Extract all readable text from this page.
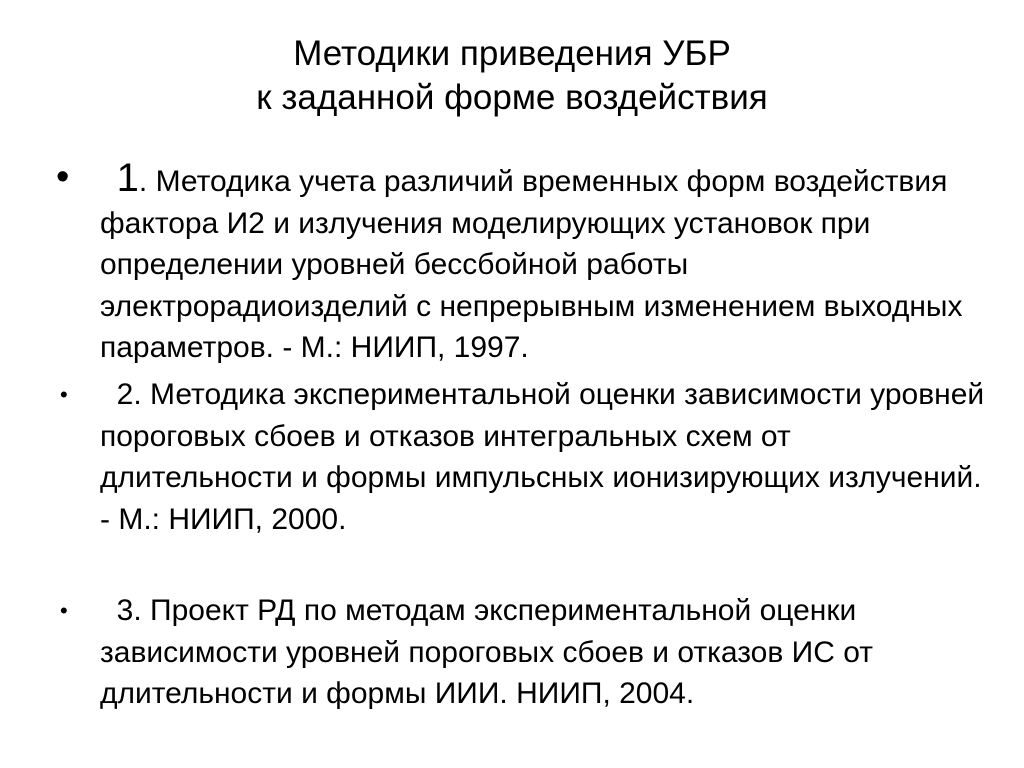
Методики приведения УБР
к заданной форме воздействия
• 1. Методика учета различий временных форм воздействия фактора И2 и излучения моделирующих установок при определении уровней бессбойной работы электрорадиоизделий с непрерывным изменением выходных параметров. - М.: НИИП, 1997.
• 2. Методика экспериментальной оценки зависимости уровней пороговых сбоев и отказов интегральных схем от длительности и формы импульсных ионизирующих излучений. - М.: НИИП, 2000.
• 3. Проект РД по методам экспериментальной оценки зависимости уровней пороговых сбоев и отказов ИС от длительности и формы ИИИ. НИИП, 2004.
